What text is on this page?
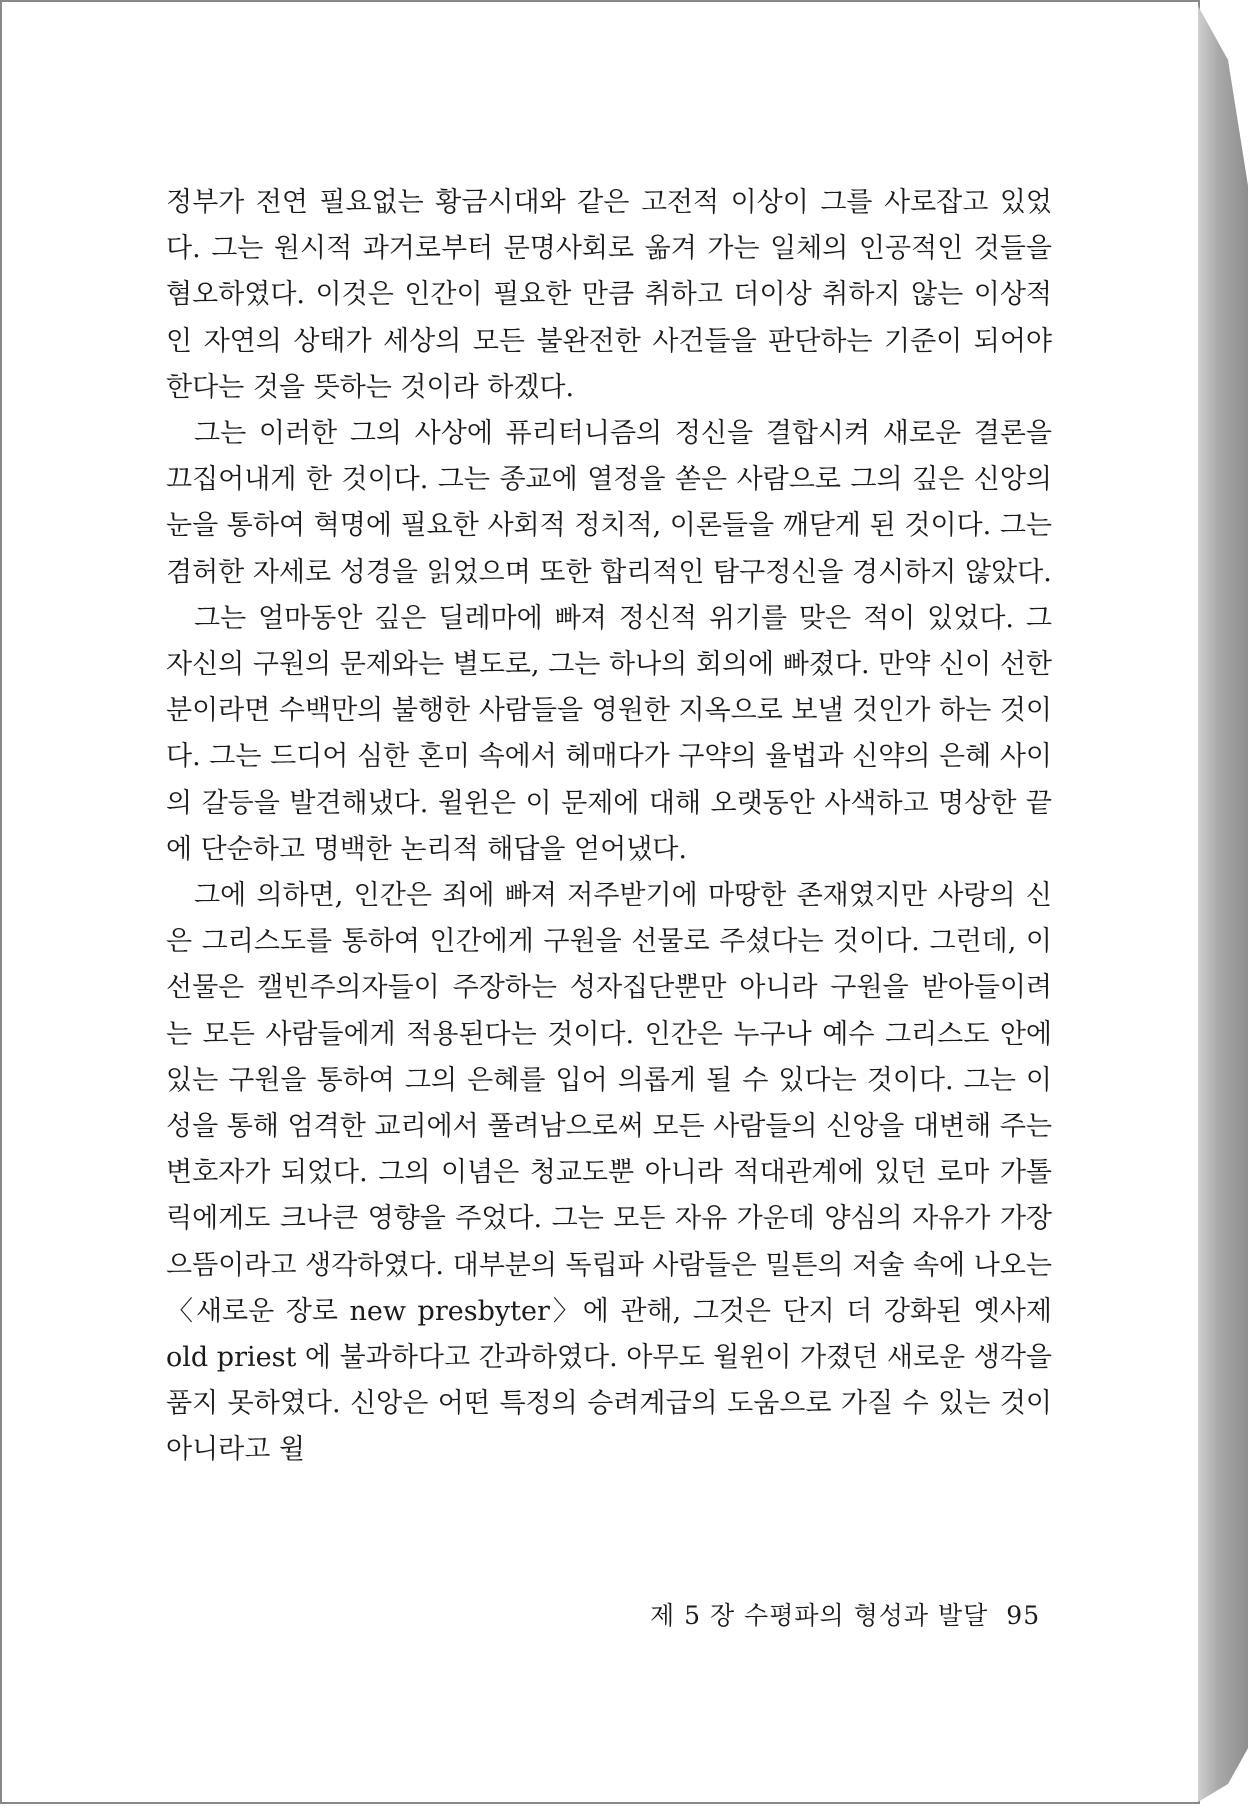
정부가 전연 필요없는 황금시대와 같은 고전적 이상이 그를 사로잡고 있었다. 그는 원시적 과거로부터 문명사회로 옮겨 가는 일체의 인공적인 것들을 혐오하였다. 이것은 인간이 필요한 만큼 취하고 더이상 취하지 않는 이상적인 자연의 상태가 세상의 모든 불완전한 사건들을 판단하는 기준이 되어야 한다는 것을 뜻하는 것이라 하겠다.

그는 이러한 그의 사상에 퓨리터니즘의 정신을 결합시켜 새로운 결론을 끄집어내게 한 것이다. 그는 종교에 열정을 쏟은 사람으로 그의 깊은 신앙의 눈을 통하여 혁명에 필요한 사회적 정치적, 이론들을 깨닫게 된 것이다. 그는 겸허한 자세로 성경을 읽었으며 또한 합리적인 탐구정신을 경시하지 않았다.

그는 얼마동안 깊은 딜레마에 빠져 정신적 위기를 맞은 적이 있었다. 그 자신의 구원의 문제와는 별도로, 그는 하나의 회의에 빠졌다. 만약 신이 선한 분이라면 수백만의 불행한 사람들을 영원한 지옥으로 보낼 것인가 하는 것이다. 그는 드디어 심한 혼미 속에서 헤매다가 구약의 율법과 신약의 은혜 사이의 갈등을 발견해냈다. 윌윈은 이 문제에 대해 오랫동안 사색하고 명상한 끝에 단순하고 명백한 논리적 해답을 얻어냈다.

그에 의하면, 인간은 죄에 빠져 저주받기에 마땅한 존재였지만 사랑의 신은 그리스도를 통하여 인간에게 구원을 선물로 주셨다는 것이다. 그런데, 이 선물은 캘빈주의자들이 주장하는 성자집단뿐만 아니라 구원을 받아들이려는 모든 사람들에게 적용된다는 것이다. 인간은 누구나 예수 그리스도 안에 있는 구원을 통하여 그의 은혜를 입어 의롭게 될 수 있다는 것이다. 그는 이성을 통해 엄격한 교리에서 풀려남으로써 모든 사람들의 신앙을 대변해 주는 변호자가 되었다. 그의 이념은 청교도뿐 아니라 적대관계에 있던 로마 가톨릭에게도 크나큰 영향을 주었다. 그는 모든 자유 가운데 양심의 자유가 가장 으뜸이라고 생각하였다. 대부분의 독립파 사람들은 밀튼의 저술 속에 나오는 〈새로운 장로 new presbyter〉에 관해, 그것은 단지 더 강화된 옛사제 old priest 에 불과하다고 간과하였다. 아무도 윌윈이 가졌던 새로운 생각을 품지 못하였다. 신앙은 어떤 특정의 승려계급의 도움으로 가질 수 있는 것이 아니라고 윌

제 5 장 수평파의 형성과 발달 95
